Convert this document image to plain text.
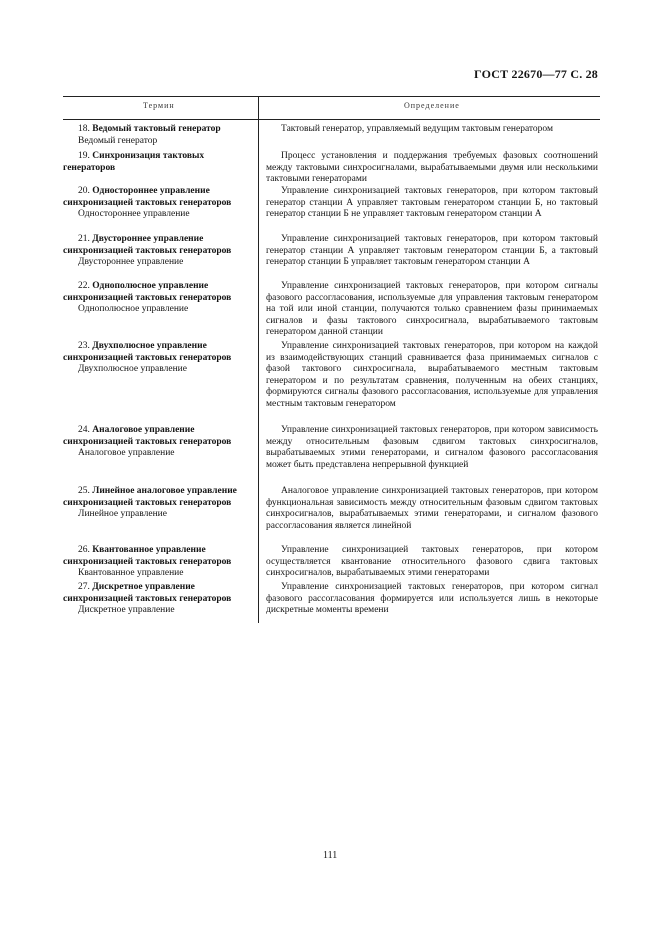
ГОСТ 22670—77 С. 28
Термин	Определение
18. Ведомый тактовый генератор
Ведомый генератор
Тактовый генератор, управляемый ведущим тактовым генератором
19. Синхронизация тактовых генераторов
Процесс установления и поддержания требуемых фазовых соотношений между тактовыми синхросигналами, вырабатываемыми двумя или несколькими тактовыми генераторами
20. Одностороннее управление синхронизацией тактовых генераторов
Одностороннее управление
Управление синхронизацией тактовых генераторов, при котором тактовый генератор станции А управляет тактовым генератором станции Б, но тактовый генератор станции Б не управляет тактовым генератором станции А
21. Двустороннее управление синхронизацией тактовых генераторов
Двустороннее управление
Управление синхронизацией тактовых генераторов, при котором тактовый генератор станции А управляет тактовым генератором станции Б, а тактовый генератор станции Б управляет тактовым генератором станции А
22. Однополюсное управление синхронизацией тактовых генераторов
Однополюсное управление
Управление синхронизацией тактовых генераторов, при котором сигналы фазового рассогласования, используемые для управления тактовым генератором на той или иной станции, получаются только сравнением фазы принимаемых сигналов и фазы тактового синхросигнала, вырабатываемого тактовым генератором данной станции
23. Двухполюсное управление синхронизацией тактовых генераторов
Двухполюсное управление
Управление синхронизацией тактовых генераторов, при котором на каждой из взаимодействующих станций сравнивается фаза принимаемых сигналов с фазой тактового синхросигнала, вырабатываемого местным тактовым генератором и по результатам сравнения, полученным на обеих станциях, формируются сигналы фазового рассогласования, используемые для управления местным тактовым генератором
24. Аналоговое управление синхронизацией тактовых генераторов
Аналоговое управление
Управление синхронизацией тактовых генераторов, при котором зависимость между относительным фазовым сдвигом тактовых синхросигналов, вырабатываемых этими генераторами, и сигналом фазового рассогласования может быть представлена непрерывной функцией
25. Линейное аналоговое управление синхронизацией тактовых генераторов
Линейное управление
Аналоговое управление синхронизацией тактовых генераторов, при котором функциональная зависимость между относительным фазовым сдвигом тактовых синхросигналов, вырабатываемых этими генераторами, и сигналом фазового рассогласования является линейной
26. Квантованное управление синхронизацией тактовых генераторов
Квантованное управление
Управление синхронизацией тактовых генераторов, при котором осуществляется квантование относительного фазового сдвига тактовых синхросигналов, вырабатываемых этими генераторами
27. Дискретное управление синхронизацией тактовых генераторов
Дискретное управление
Управление синхронизацией тактовых генераторов, при котором сигнал фазового рассогласования формируется или используется лишь в некоторые дискретные моменты времени
111
